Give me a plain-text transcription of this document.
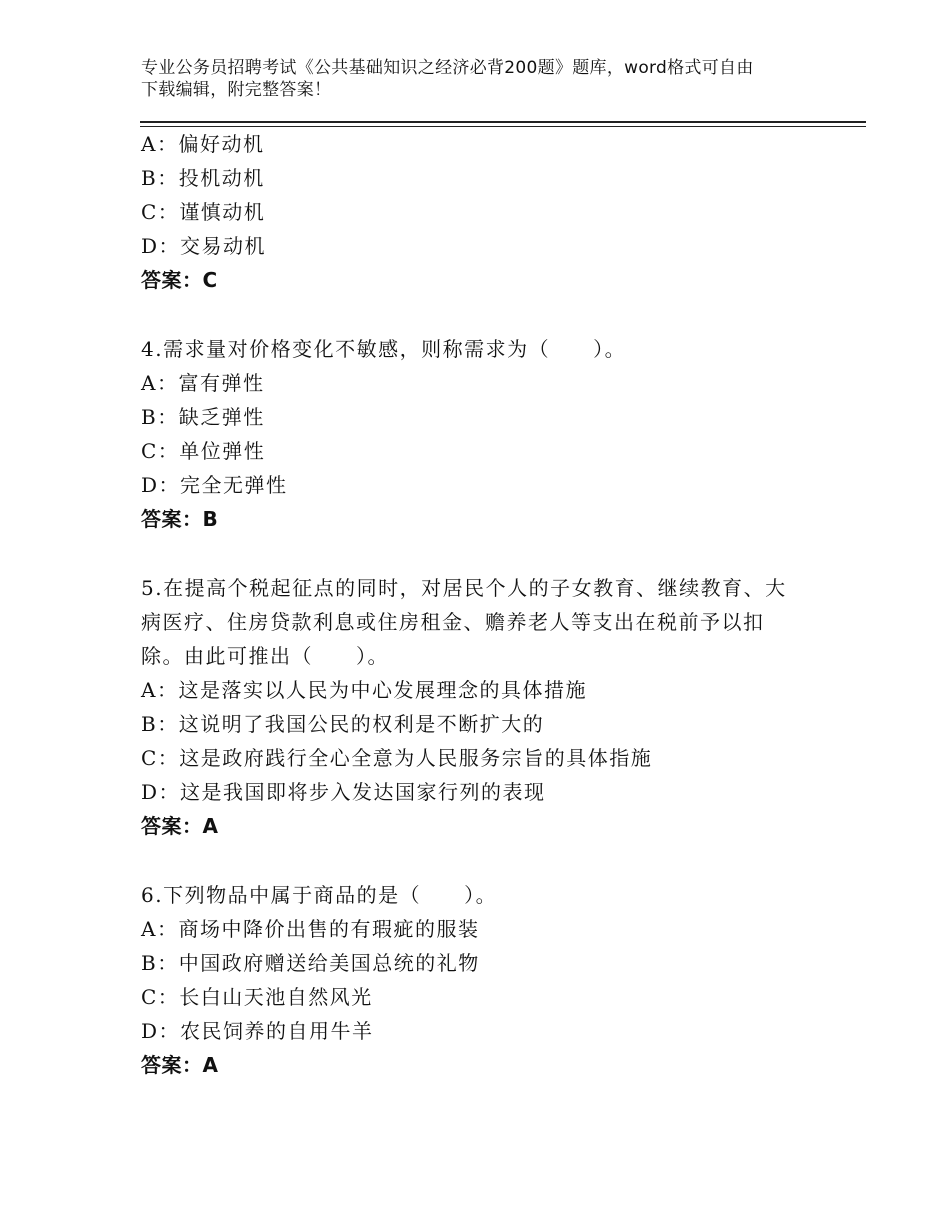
专业公务员招聘考试《公共基础知识之经济必背200题》题库，word格式可自由
下载编辑，附完整答案！
A：偏好动机
B：投机动机
C：谨慎动机
D：交易动机
答案：C
4.需求量对价格变化不敏感，则称需求为（　　）。
A：富有弹性
B：缺乏弹性
C：单位弹性
D：完全无弹性
答案：B
5.在提高个税起征点的同时，对居民个人的子女教育、继续教育、大
病医疗、住房贷款利息或住房租金、赡养老人等支出在税前予以扣
除。由此可推出（　　）。
A：这是落实以人民为中心发展理念的具体措施
B：这说明了我国公民的权利是不断扩大的
C：这是政府践行全心全意为人民服务宗旨的具体指施
D：这是我国即将步入发达国家行列的表现
答案：A
6.下列物品中属于商品的是（　　）。
A：商场中降价出售的有瑕疵的服装
B：中国政府赠送给美国总统的礼物
C：长白山天池自然风光
D：农民饲养的自用牛羊
答案：A
